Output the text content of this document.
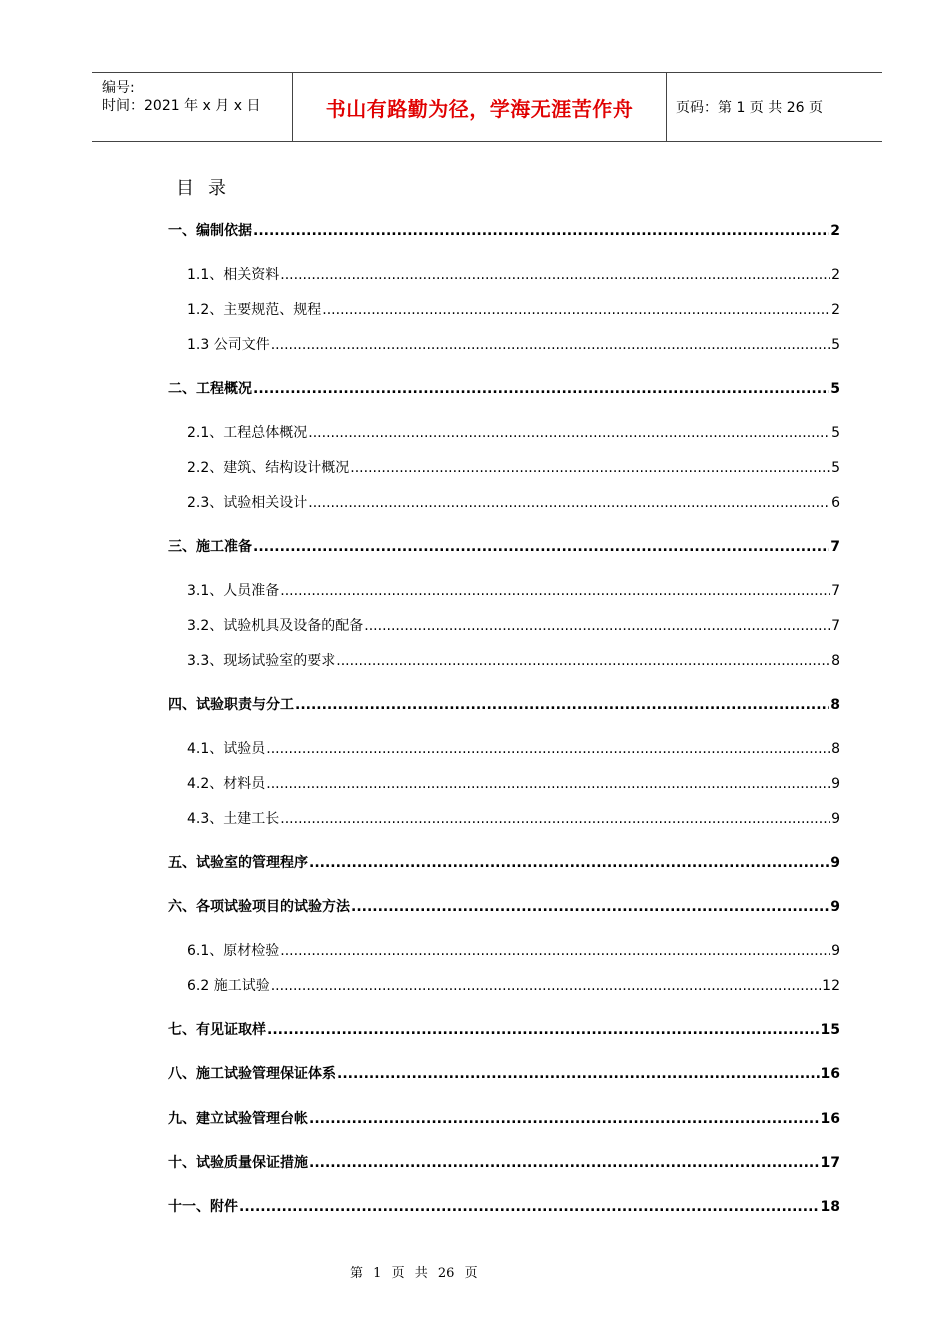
编号:
时间：2021 年 x 月 x 日	书山有路勤为径，学海无涯苦作舟	页码：第 1 页 共 26 页
目录
一、编制依据 .....	2
1.1、相关资料 .....	2
1.2、主要规范、规程 .....	2
1.3 公司文件 .....	5
二、工程概况 .....	5
2.1、工程总体概况 .....	5
2.2、建筑、结构设计概况 .....	5
2.3、试验相关设计 .....	6
三、施工准备 .....	7
3.1、人员准备 .....	7
3.2、试验机具及设备的配备 .....	7
3.3、现场试验室的要求 .....	8
四、试验职责与分工 .....	8
4.1、试验员 .....	8
4.2、材料员 .....	9
4.3、土建工长 .....	9
五、试验室的管理程序 .....	9
六、各项试验项目的试验方法 .....	9
6.1、原材检验 .....	9
6.2 施工试验 .....	12
七、有见证取样 .....	15
八、施工试验管理保证体系 .....	16
九、建立试验管理台帐 .....	16
十、试验质量保证措施 .....	17
十一、附件 .....	18
第 1 页 共 26 页
